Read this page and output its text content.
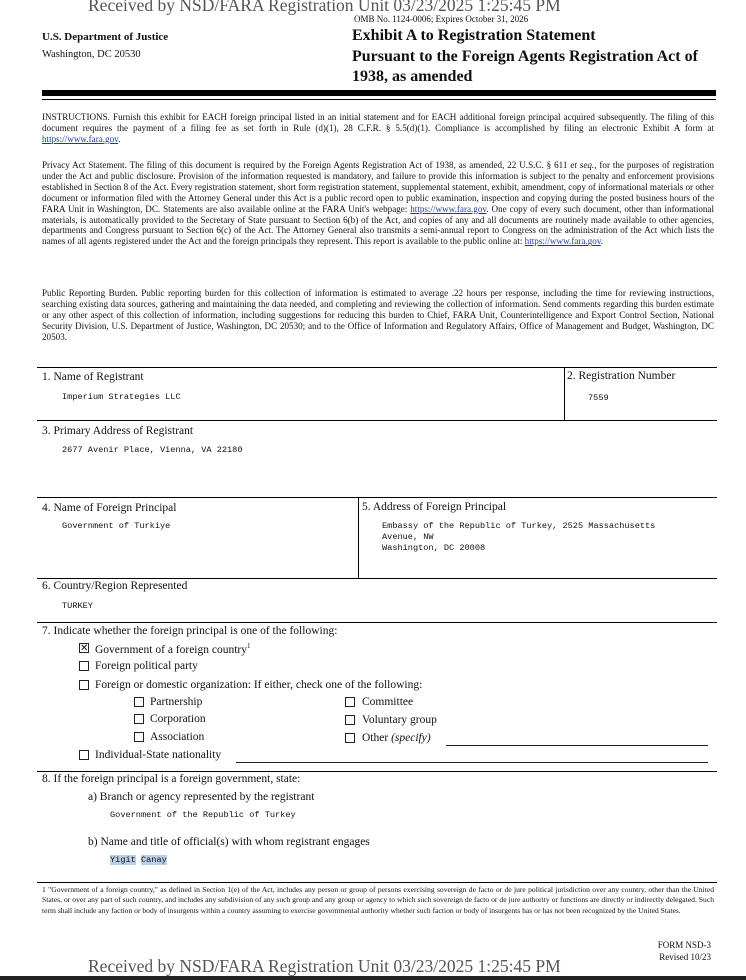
Received by NSD/FARA Registration Unit 03/23/2025 1:25:45 PM
OMB No. 1124-0006; Expires October 31, 2026
U.S. Department of Justice
Washington, DC 20530
Exhibit A to Registration Statement
Pursuant to the Foreign Agents Registration Act of
1938, as amended
INSTRUCTIONS. Furnish this exhibit for EACH foreign principal listed in an initial statement and for EACH additional foreign principal acquired subsequently. The filing of this document requires the payment of a filing fee as set forth in Rule (d)(1), 28 C.F.R. § 5.5(d)(1). Compliance is accomplished by filing an electronic Exhibit A form at https://www.fara.gov.
Privacy Act Statement. The filing of this document is required by the Foreign Agents Registration Act of 1938, as amended, 22 U.S.C. § 611 et seq., for the purposes of registration under the Act and public disclosure. Provision of the information requested is mandatory, and failure to provide this information is subject to the penalty and enforcement provisions established in Section 8 of the Act. Every registration statement, short form registration statement, supplemental statement, exhibit, amendment, copy of informational materials or other document or information filed with the Attorney General under this Act is a public record open to public examination, inspection and copying during the posted business hours of the FARA Unit in Washington, DC. Statements are also available online at the FARA Unit's webpage: https://www.fara.gov. One copy of every such document, other than informational materials, is automatically provided to the Secretary of State pursuant to Section 6(b) of the Act, and copies of any and all documents are routinely made available to other agencies, departments and Congress pursuant to Section 6(c) of the Act. The Attorney General also transmits a semi-annual report to Congress on the administration of the Act which lists the names of all agents registered under the Act and the foreign principals they represent. This report is available to the public online at: https://www.fara.gov.
Public Reporting Burden. Public reporting burden for this collection of information is estimated to average .22 hours per response, including the time for reviewing instructions, searching existing data sources, gathering and maintaining the data needed, and completing and reviewing the collection of information. Send comments regarding this burden estimate or any other aspect of this collection of information, including suggestions for reducing this burden to Chief, FARA Unit, Counterintelligence and Export Control Section, National Security Division, U.S. Department of Justice, Washington, DC 20530; and to the Office of Information and Regulatory Affairs, Office of Management and Budget, Washington, DC 20503.
1. Name of Registrant
Imperium Strategies LLC
2. Registration Number
7559
3. Primary Address of Registrant
2677 Avenir Place, Vienna, VA 22180
4. Name of Foreign Principal
Government of Turkiye
5. Address of Foreign Principal
Embassy of the Republic of Turkey, 2525 Massachusetts
Avenue, NW
Washington, DC 20008
6. Country/Region Represented
TURKEY
7. Indicate whether the foreign principal is one of the following:
✕ Government of a foreign country$^1$
Foreign political party
Foreign or domestic organization: If either, check one of the following:
Partnership	Committee
Corporation	Voluntary group
Association	Other (specify)
Individual-State nationality
8. If the foreign principal is a foreign government, state:
a) Branch or agency represented by the registrant
Government of the Republic of Turkey
b) Name and title of official(s) with whom registrant engages
Yigit Canay
1 "Government of a foreign country," as defined in Section 1(e) of the Act, includes any person or group of persons exercising sovereign de facto or de jure political jurisdiction over any country, other than the United States, or over any part of such country, and includes any subdivision of any such group and any group or agency to which such sovereign de facto or de jure authority or functions are directly or indirectly delegated. Such term shall include any faction or body of insurgents within a country assuming to exercise governmental authority whether such faction or body of insurgents has or has not been recognized by the United States.
FORM NSD-3
Revised 10/23
Received by NSD/FARA Registration Unit 03/23/2025 1:25:45 PM
